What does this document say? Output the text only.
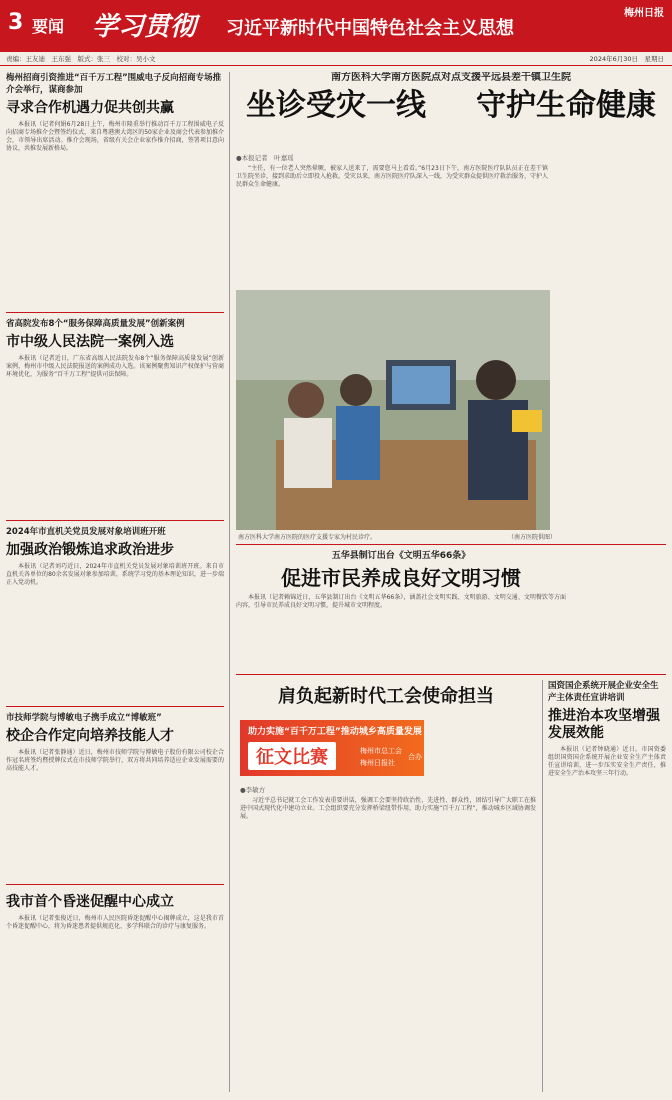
3 要闻 学习贯彻 习近平新时代中国特色社会主义思想
梅州日报
责编：王友迪　王东强　版式：张三　校对：吴小文	2024年6月30日　星期日
梅州招商引资推进“百千万工程”围威电子反向招商专场推介会举行，谋商参加
寻求合作机遇力促共创共赢
本报讯（记者何娟6月28日上午，梅州市隆重举行推动百千万工程围威电子反向招商专场推介会暨签约仪式，来自粤港澳大湾区的50家企业及商会代表参加推介会，市领导出席活动。推介会现场，省级有关会企业家作推介招商，签署项目意向协议，共推发展新格局。
省高院发布8个“服务保障高质量发展”创新案例
市中级人民法院一案例入选
本报讯（记者近日，广东省高级人民法院发布8个“服务保障高质量发展”创新案例，梅州市中级人民法院报送的案例成功入选。该案例聚焦知识产权保护与营商环境优化，为服务“百千万工程”提供司法保障。
2024年市直机关党员发展对象培训班开班
加强政治锻炼追求政治进步
本报讯（记者刘巧近日，2024年市直机关党员发展对象培训班开班。来自市直机关各单位的80余名发展对象参加培训，系统学习党的基本理论知识，进一步端正入党动机。
市技师学院与博敏电子携手成立“博敏班”
校企合作定向培养技能人才
本报讯（记者张静通）近日，梅州市技师学院与博敏电子股份有限公司校企合作冠名班签约暨授牌仪式在市技师学院举行，双方将共同培养适应企业发展需要的高技能人才。
我市首个昏迷促醒中心成立
本报讯（记者张俊近日，梅州市人民医院昏迷促醒中心揭牌成立，这是我市首个昏迷促醒中心，将为昏迷患者提供规范化、多学科联合的诊疗与康复服务。
南方医科大学南方医院点对点支援平远县差干镇卫生院
坐诊受灾一线 守护生命健康
●本报记者　叶嘉瑶
“主任，有一位老人突然晕厥，被家人送来了，需要您马上看看。”6月23日下午，南方医院医疗队队员正在差干镇卫生院坐诊，接到求助后立即投入抢救。受灾以来，南方医院医疗队深入一线，为受灾群众提供医疗救治服务，守护人民群众生命健康。
南方医科大学南方医院的医疗支援专家为村民诊疗。	（南方医院供图）
五华县制订出台《文明五华66条》
促进市民养成良好文明习惯
本报讯（记者赖锦近日，五华县制订出台《文明五华66条》，涵盖社会文明实践、文明旅游、文明交通、文明餐饮等方面内容，引导市民养成良好文明习惯，提升城市文明程度。
肩负起新时代工会使命担当
助力实施“百千万工程”推动城乡高质量发展
征文比赛	梅州市总工会
梅州日报社
合办
●李敏方
习近平总书记就工会工作发表重要讲话，强调工会要坚持政治性、先进性、群众性，团结引导广大职工在推进中国式现代化中建功立业。工会组织要充分发挥桥梁纽带作用，助力实施“百千万工程”，推动城乡区域协调发展。
国资国企系统开展企业安全生产主体责任宣讲培训
推进治本攻坚增强发展效能
本报讯（记者钟晓通）近日，市国资委组织国资国企系统开展企业安全生产主体责任宣讲培训，进一步压实安全生产责任，推进安全生产治本攻坚三年行动。
